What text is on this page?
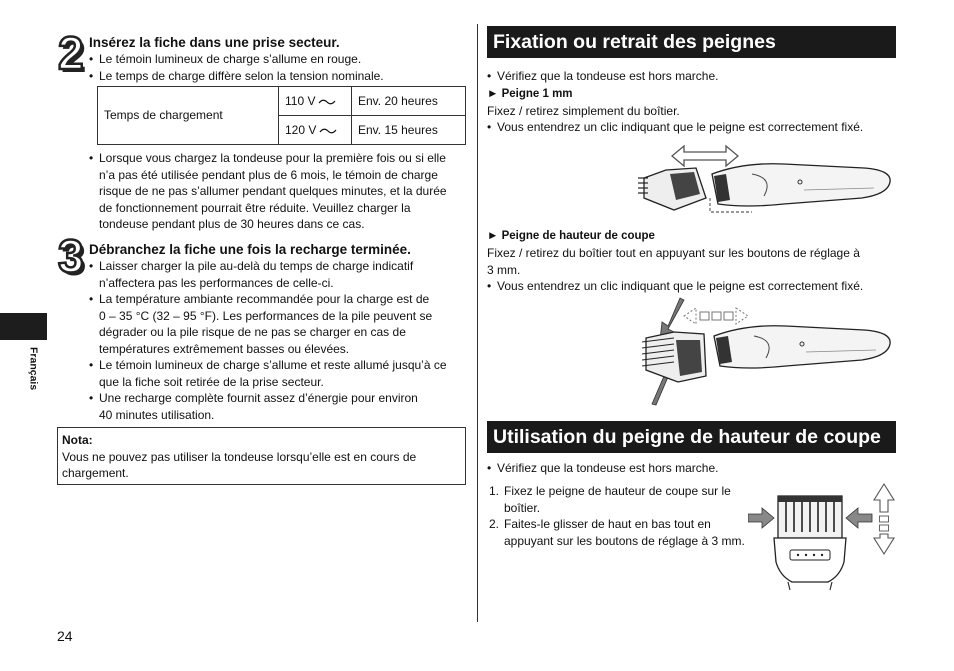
2 Insérez la fiche dans une prise secteur.
• Le témoin lumineux de charge s’allume en rouge.
• Le temps de charge diffère selon la tension nominale.
Temps de chargement	110 V	Env. 20 heures
	120 V	Env. 15 heures
• Lorsque vous chargez la tondeuse pour la première fois ou si elle
n’a pas été utilisée pendant plus de 6 mois, le témoin de charge
risque de ne pas s’allumer pendant quelques minutes, et la durée
de fonctionnement pourrait être réduite. Veuillez charger la
tondeuse pendant plus de 30 heures dans ce cas.
3 Débranchez la fiche une fois la recharge terminée.
• Laisser charger la pile au-delà du temps de charge indicatif
n’affectera pas les performances de celle-ci.
• La température ambiante recommandée pour la charge est de
0 – 35 °C (32 – 95 °F). Les performances de la pile peuvent se
dégrader ou la pile risque de ne pas se charger en cas de
températures extrêmement basses ou élevées.
• Le témoin lumineux de charge s’allume et reste allumé jusqu’à ce
que la fiche soit retirée de la prise secteur.
• Une recharge complète fournit assez d’énergie pour environ
40 minutes utilisation.
Nota:
Vous ne pouvez pas utiliser la tondeuse lorsqu’elle est en cours de
chargement.
Français
24
Fixation ou retrait des peignes
• Vérifiez que la tondeuse est hors marche.
► Peigne 1 mm
Fixez / retirez simplement du boîtier.
• Vous entendrez un clic indiquant que le peigne est correctement fixé.
► Peigne de hauteur de coupe
Fixez / retirez du boîtier tout en appuyant sur les boutons de réglage à
3 mm.
• Vous entendrez un clic indiquant que le peigne est correctement fixé.
Utilisation du peigne de hauteur de coupe
• Vérifiez que la tondeuse est hors marche.
1. Fixez le peigne de hauteur de coupe sur le
boîtier.
2. Faites-le glisser de haut en bas tout en
appuyant sur les boutons de réglage à 3 mm.
